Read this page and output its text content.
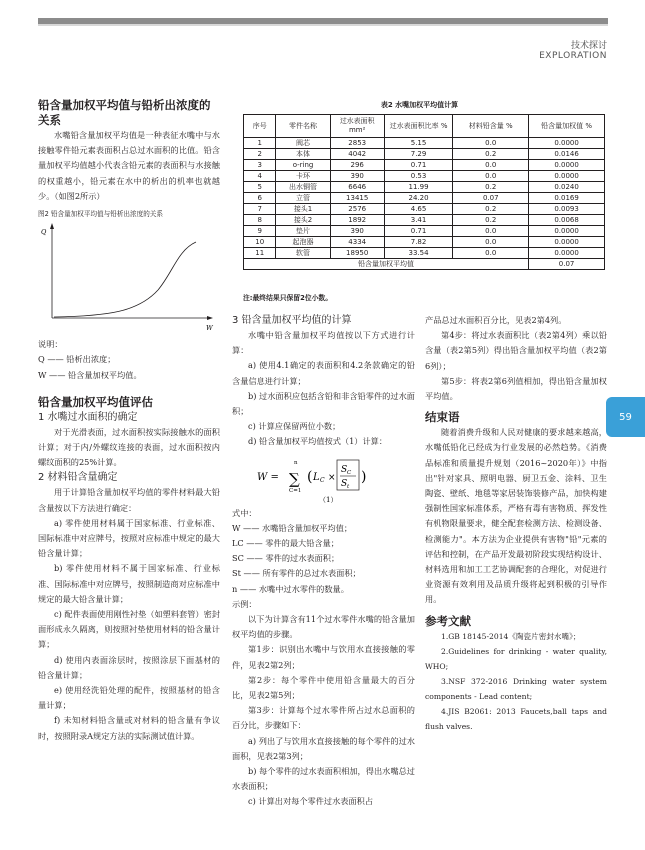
技术探讨
EXPLORATION
59
铅含量加权平均值与铅析出浓度的关系

水嘴铅含量加权平均值是一种表征水嘴中与水接触零件铅元素表面积占总过水面积的比值。铅含量加权平均值越小代表含铅元素的表面积与水接触的权重越小，铅元素在水中的析出的机率也就越少。（如图2所示）

图2 铅含量加权平均值与铅析出浓度的关系
Q
W
说明：
Q —— 铅析出浓度；
W —— 铅含量加权平均值。
铅含量加权平均值评估
1 水嘴过水面积的确定

对于光滑表面，过水面积按实际接触水的面积计算；对于内/外螺纹连接的表面，过水面积按内螺纹面积的25%计算。

2 材料铅含量确定

用于计算铅含量加权平均值的零件材料最大铅含量按以下方法进行确定：

a) 零件使用材料属于国家标准、行业标准、国际标准中对应牌号，按照对应标准中规定的最大铅含量计算；

b) 零件使用材料不属于国家标准、行业标准、国际标准中对应牌号，按照制造商对应标准中规定的最大铅含量计算；

c) 配件表面使用刚性衬垫（如塑料套管）密封面形成永久隔离，则按照衬垫使用材料的铅含量计算；

d) 使用内表面涂层时，按照涂层下面基材的铅含量计算；

e) 使用经洗铅处理的配件，按照基材的铅含量计算；

f) 未知材料铅含量或对材料的铅含量有争议时，按照附录A规定方法的实际测试值计算。

表2 水嘴加权平均值计算
序号	零件名称	过水表面积 mm²	过水表面积比率 %	材料铅含量 %	铅含量加权值 %
1	阀芯	2853	5.15	0.0	0.0000
2	本体	4042	7.29	0.2	0.0146
3	o-ring	296	0.71	0.0	0.0000
4	卡环	390	0.53	0.0	0.0000
5	出水铜管	6646	11.99	0.2	0.0240
6	立管	13415	24.20	0.07	0.0169
7	接头1	2576	4.65	0.2	0.0093
8	接头2	1892	3.41	0.2	0.0068
9	垫片	390	0.71	0.0	0.0000
10	起泡器	4334	7.82	0.0	0.0000
11	软管	18950	33.54	0.0	0.0000
铅含量加权平均值					0.07
注:最终结果只保留2位小数。
3 铅含量加权平均值的计算

水嘴中铅含量加权平均值按以下方式进行计算：

a) 使用4.1确定的表面积和4.2条款确定的铅含量信息进行计算；

b) 过水面积应包括含铅和非含铅零件的过水面积；

c) 计算应保留两位小数；

d) 铅含量加权平均值按式（1）计算：

W =
n
∑
C=1
( L C ×
S C
S t
)
（1）

式中：

W —— 水嘴铅含量加权平均值；

LC —— 零件的最大铅含量；

SC —— 零件的过水表面积；

St —— 所有零件的总过水表面积；

n —— 水嘴中过水零件的数量。

示例：

以下为计算含有11个过水零件水嘴的铅含量加权平均值的步骤。

第1步：识别出水嘴中与饮用水直接接触的零件，见表2第2列；

第2步：每个零件中使用铅含量最大的百分比，见表2第5列；

第3步：计算每个过水零件所占过水总面积的百分比，步骤如下：

a) 列出了与饮用水直接接触的每个零件的过水面积，见表2第3列；

b) 每个零件的过水表面积相加，得出水嘴总过水表面积；

c) 计算出对每个零件过水表面积占

产品总过水面积百分比，见表2第4列。

第4步：将过水表面积比（表2第4列）乘以铅含量（表2第5列）得出铅含量加权平均值（表2第6列）；

第5步：将表2第6列值相加，得出铅含量加权平均值。

结束语

随着消费升级和人民对健康的要求越来越高，水嘴低铅化已经成为行业发展的必然趋势。《消费品标准和质量提升规划（2016~2020年）》中指出"针对家具、照明电器、厨卫五金、涂料、卫生陶瓷、壁纸、地毯等家居装饰装修产品，加快构建强制性国家标准体系，严格有毒有害物质、挥发性有机物限量要求，健全配套检测方法、检测设备、检测能力"。本方法为企业提供有害物"铅"元素的评估和控制，在产品开发最初阶段实现结构设计、材料选用和加工工艺协调配套的合理化，对促进行业资源有效利用及品质升级将起到积极的引导作用。

参考文献

1.GB 18145-2014《陶瓷片密封水嘴》；

2.Guidelines for drinking - water quality, WHO;

3.NSF 372-2016 Drinking water system components - Lead content;

4.JIS B2061: 2013 Faucets,ball taps and flush valves.
